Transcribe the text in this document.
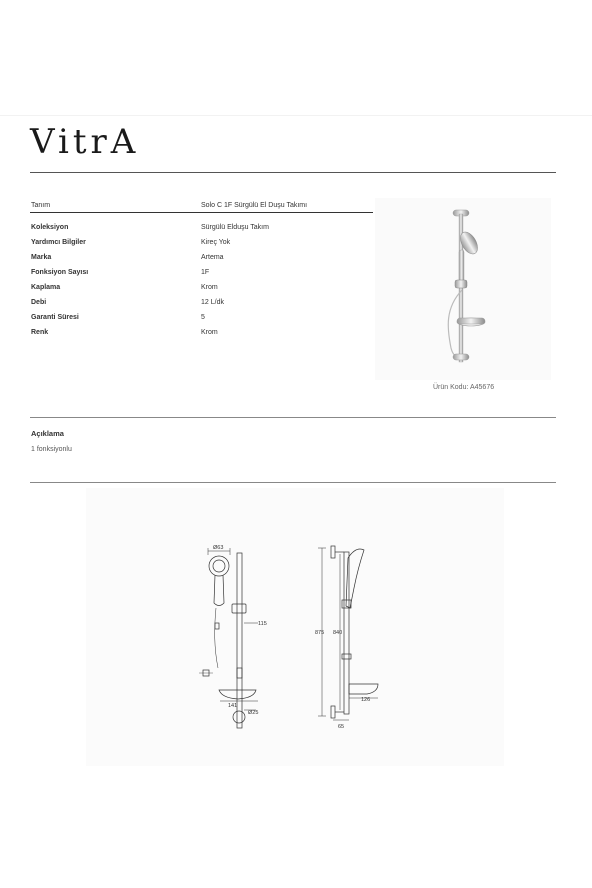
VitrA
Tanım	Solo C 1F Sürgülü El Duşu Takımı
Koleksiyon	Sürgülü Elduşu Takım
Yardımcı Bilgiler	Kireç Yok
Marka	Artema
Fonksiyon Sayısı	1F
Kaplama	Krom
Debi	12 L/dk
Garanti Süresi	5
Renk	Krom
Ürün Kodu: A45676
Açıklama
1 fonksiyonlu
Ø63
115
141
Ø25
875 840
126
65
